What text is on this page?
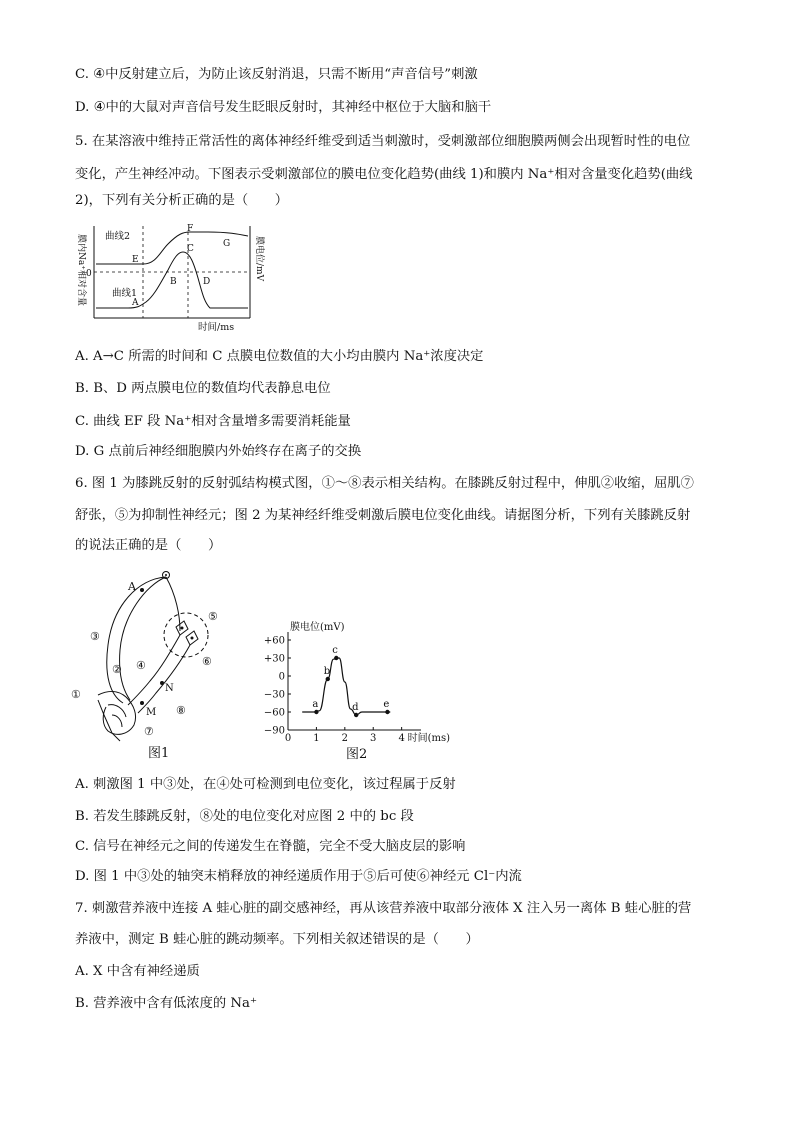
C. ④中反射建立后，为防止该反射消退，只需不断用“声音信号”刺激
D. ④中的大鼠对声音信号发生眨眼反射时，其神经中枢位于大脑和脑干
5. 在某溶液中维持正常活性的离体神经纤维受到适当刺激时，受刺激部位细胞膜两侧会出现暂时性的电位
变化，产生神经冲动。下图表示受刺激部位的膜电位变化趋势(曲线 1)和膜内 Na⁺相对含量变化趋势(曲线
2)，下列有关分析正确的是（　　）
曲线2
曲线1
0
A
B
C
D
E
F
G
时间/ms
膜内Na⁺相对含量	膜电位/mV
A. A→C 所需的时间和 C 点膜电位数值的大小均由膜内 Na⁺浓度决定
B. B、D 两点膜电位的数值均代表静息电位
C. 曲线 EF 段 Na⁺相对含量增多需要消耗能量
D. G 点前后神经细胞膜内外始终存在离子的交换
6. 图 1 为膝跳反射的反射弧结构模式图，①～⑧表示相关结构。在膝跳反射过程中，伸肌②收缩，屈肌⑦
舒张，⑤为抑制性神经元；图 2 为某神经纤维受刺激后膜电位变化曲线。请据图分析，下列有关膝跳反射
的说法正确的是（　　）
A
①
②
③
④
⑤
⑥
⑦
⑧
M
N
图1
+60
+30
0
−30
−60
−90
0 1 2 3 4
膜电位(mV)
时间(ms)
a
b
c
d e
图2
A. 刺激图 1 中③处，在④处可检测到电位变化，该过程属于反射
B. 若发生膝跳反射，⑧处的电位变化对应图 2 中的 bc 段
C. 信号在神经元之间的传递发生在脊髓，完全不受大脑皮层的影响
D. 图 1 中③处的轴突末梢释放的神经递质作用于⑤后可使⑥神经元 Cl⁻内流
7. 刺激营养液中连接 A 蛙心脏的副交感神经，再从该营养液中取部分液体 X 注入另一离体 B 蛙心脏的营
养液中，测定 B 蛙心脏的跳动频率。下列相关叙述错误的是（　　）
A. X 中含有神经递质
B. 营养液中含有低浓度的 Na⁺
